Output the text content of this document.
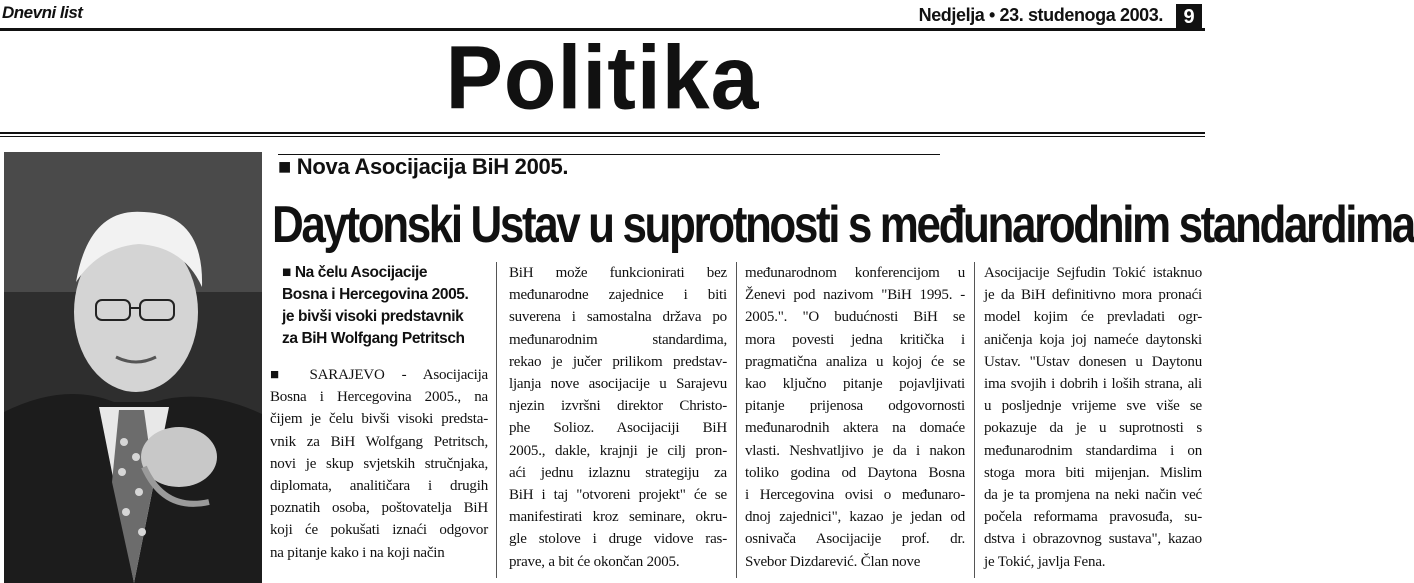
Dnevni list	Nedjelja • 23. studenoga 2003.	9
Politika
■ Nova Asocijacija BiH 2005.
Daytonski Ustav u suprotnosti s međunarodnim standardima

■ Na čelu Asocijacije

Bosna i Hercegovina 2005.

je bivši visoki predstavnik

za BiH Wolfgang Petritsch

■ SARAJEVO - Asocijacija

Bosna i Hercegovina 2005., na

čijem je čelu bivši visoki predsta-

vnik za BiH Wolfgang Petritsch,

novi je skup svjetskih stručnjaka,

diplomata, analitičara i drugih

poznatih osoba, poštovatelja BiH

koji će pokušati iznaći odgovor

na pitanje kako i na koji način

BiH može funkcionirati bez

međunarodne zajednice i biti

suverena i samostalna država po

međunarodnim standardima,

rekao je jučer prilikom predstav-

ljanja nove asocijacije u Sarajevu

njezin izvršni direktor Christo-

phe Solioz. Asocijaciji BiH

2005., dakle, krajnji je cilj pron-

aći jednu izlaznu strategiju za

BiH i taj "otvoreni projekt" će se

manifestirati kroz seminare, okru-

gle stolove i druge vidove ras-

prave, a bit će okončan 2005.

međunarodnom konferencijom u

Ženevi pod nazivom "BiH 1995. -

2005.". "O budućnosti BiH se

mora povesti jedna kritička i

pragmatična analiza u kojoj će se

kao ključno pitanje pojavljivati

pitanje prijenosa odgovornosti

međunarodnih aktera na domaće

vlasti. Neshvatljivo je da i nakon

toliko godina od Daytona Bosna

i Hercegovina ovisi o međunaro-

dnoj zajednici", kazao je jedan od

osnivača Asocijacije prof. dr.

Svebor Dizdarević. Član nove

Asocijacije Sejfudin Tokić istaknuo

je da BiH definitivno mora pronaći

model kojim će prevladati ogr-

aničenja koja joj nameće daytonski

Ustav. "Ustav donesen u Daytonu

ima svojih i dobrih i loših strana, ali

u posljednje vrijeme sve više se

pokazuje da je u suprotnosti s

međunarodnim standardima i on

stoga mora biti mijenjan. Mislim

da je ta promjena na neki način već

počela reformama pravosuđa, su-

dstva i obrazovnog sustava", kazao

je Tokić, javlja Fena.
